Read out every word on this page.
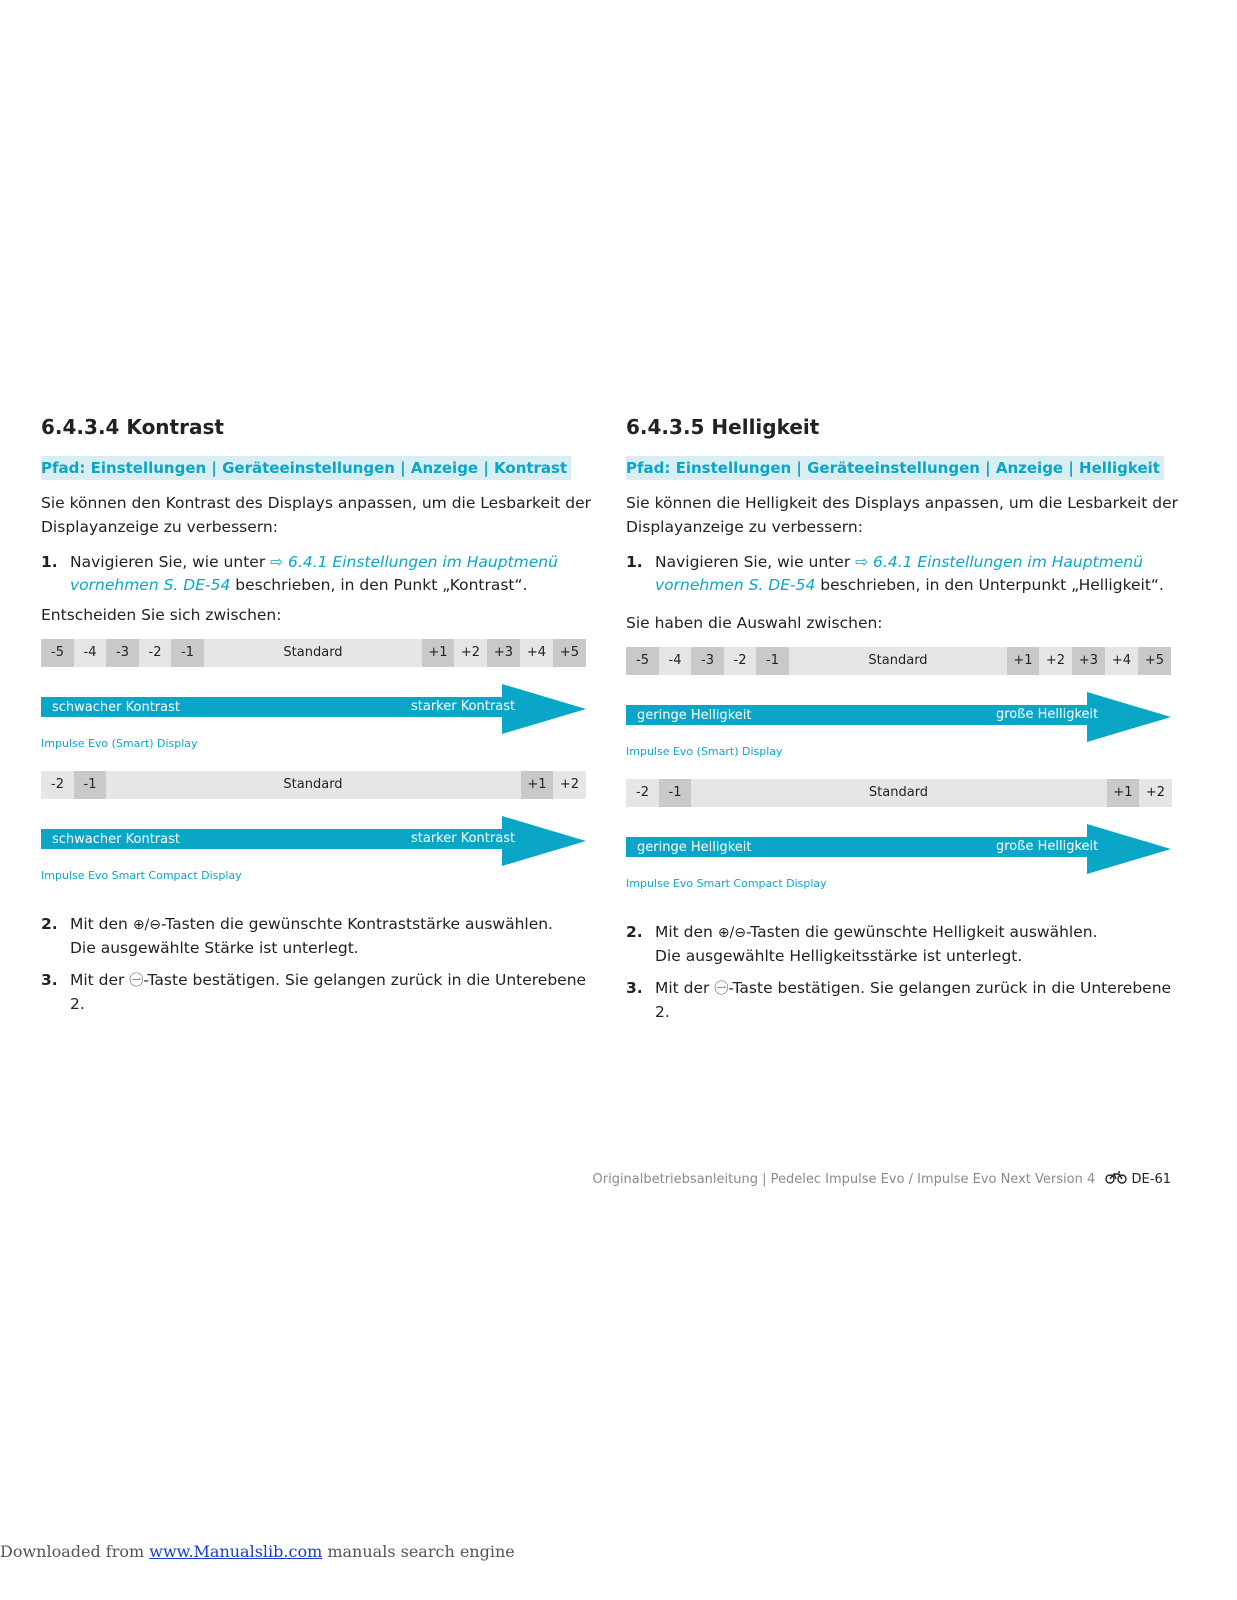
6.4.3.4 Kontrast
Pfad: Einstellungen | Geräteeinstellungen | Anzeige | Kontrast
Sie können den Kontrast des Displays anpassen, um die Lesbarkeit der Displayanzeige zu verbessern:
1. Navigieren Sie, wie unter ⇨ 6.4.1 Einstellungen im Hauptmenü vornehmen S. DE-54 beschrieben, in den Punkt „Kontrast“.
Entscheiden Sie sich zwischen:
-5	-4	-3	-2	-1	Standard	+1	+2	+3	+4	+5
schwacher Kontrast	starker Kontrast
Impulse Evo (Smart) Display
-2	-1	Standard	+1	+2
schwacher Kontrast	starker Kontrast
Impulse Evo Smart Compact Display
2. Mit den ⊕/⊖-Tasten die gewünschte Kontraststärke auswählen.
Die ausgewählte Stärke ist unterlegt.
3. Mit der ㊀-Taste bestätigen. Sie gelangen zurück in die Unterebene 2.
6.4.3.5 Helligkeit
Pfad: Einstellungen | Geräteeinstellungen | Anzeige | Helligkeit
Sie können die Helligkeit des Displays anpassen, um die Lesbarkeit der Displayanzeige zu verbessern:
1. Navigieren Sie, wie unter ⇨ 6.4.1 Einstellungen im Hauptmenü vornehmen S. DE-54 beschrieben, in den Unterpunkt „Helligkeit“.
Sie haben die Auswahl zwischen:
-5	-4	-3	-2	-1	Standard	+1	+2	+3	+4	+5
geringe Helligkeit	große Helligkeit
Impulse Evo (Smart) Display
-2	-1	Standard	+1	+2
geringe Helligkeit	große Helligkeit
Impulse Evo Smart Compact Display
2. Mit den ⊕/⊖-Tasten die gewünschte Helligkeit auswählen.
Die ausgewählte Helligkeitsstärke ist unterlegt.
3. Mit der ㊀-Taste bestätigen. Sie gelangen zurück in die Unterebene 2.
Originalbetriebsanleitung | Pedelec Impulse Evo / Impulse Evo Next Version 4	DE-61
Downloaded from www.Manualslib.com manuals search engine
